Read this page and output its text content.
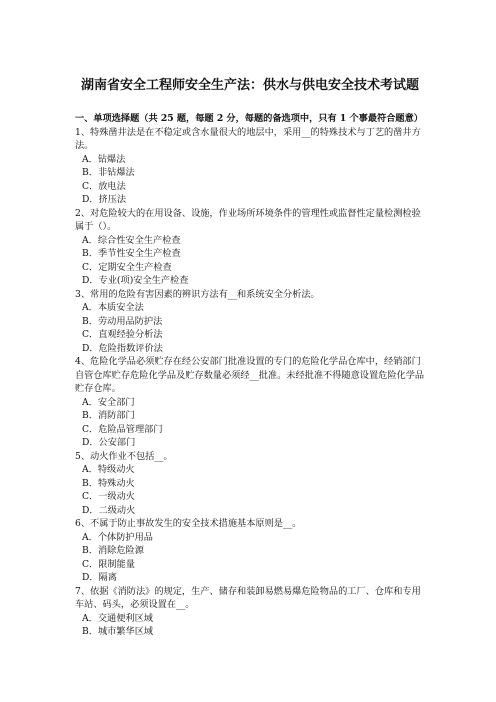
湖南省安全工程师安全生产法：供水与供电安全技术考试题

一、单项选择题（共 25 题，每题 2 分，每题的备选项中，只有 1 个事最符合题意）

1、特殊凿井法是在不稳定或含水量很大的地层中，采用__的特殊技术与丁艺的凿井方法。

A．钻爆法

B．非钻爆法

C．放电法

D．挤压法

2、对危险较大的在用设备、设施，作业场所环境条件的管理性或监督性定量检测检验属于（）。

A．综合性安全生产检查

B．季节性安全生产检查

C．定期安全生产检查

D．专业(项)安全生产检查

3、常用的危险有害因素的辨识方法有__和系统安全分析法。

A．本质安全法

B．劳动用品防护法

C．直观经验分析法

D．危险指数评价法

4、危险化学品必须贮存在经公安部门批准设置的专门的危险化学品仓库中，经销部门自管仓库贮存危险化学品及贮存数量必须经__批准。未经批准不得随意设置危险化学品贮存仓库。

A．安全部门

B．消防部门

C．危险品管理部门

D．公安部门

5、动火作业不包括__。

A．特级动火

B．特殊动火

C．一级动火

D．二级动火

6、不属于防止事故发生的安全技术措施基本原则是__。

A．个体防护用品

B．消除危险源

C．限制能量

D．隔离

7、依据《消防法》的规定，生产、储存和装卸易燃易爆危险物品的工厂、仓库和专用车站、码头，必须设置在__。

A．交通便利区域

B．城市繁华区域
